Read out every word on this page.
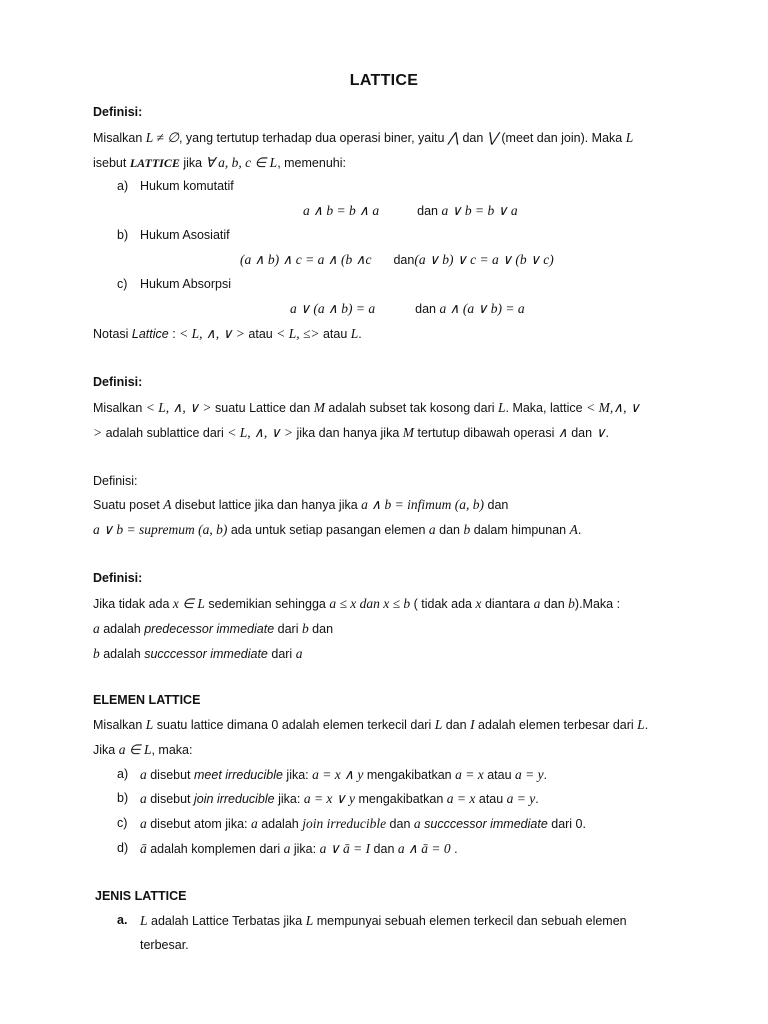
LATTICE
Definisi:
Misalkan L ≠ ∅, yang tertutup terhadap dua operasi biner, yaitu ⋀ dan ⋁ (meet dan join). Maka L
isebut LATTICE jika ∀ a, b, c ∈ L, memenuhi:
a) Hukum komutatif
a ∧ b = b ∧ a	dan a ∨ b = b ∨ a
b) Hukum Asosiatif
(a ∧ b) ∧ c = a ∧ (b ∧c dan(a ∨ b) ∨ c = a ∨ (b ∨ c)
c) Hukum Absorpsi
a ∨ (a ∧ b) = a	dan a ∧ (a ∨ b) = a
Notasi Lattice : < L, ∧, ∨ > atau < L, ≤> atau L.
Definisi:
Misalkan < L, ∧, ∨ > suatu Lattice dan M adalah subset tak kosong dari L. Maka, lattice < M,∧, ∨
> adalah sublattice dari < L, ∧, ∨ > jika dan hanya jika M tertutup dibawah operasi ∧ dan ∨.
Definisi:
Suatu poset A disebut lattice jika dan hanya jika a ∧ b = infimum (a, b) dan
a ∨ b = supremum (a, b) ada untuk setiap pasangan elemen a dan b dalam himpunan A.
Definisi:
Jika tidak ada x ∈ L sedemikian sehingga a ≤ x dan x ≤ b ( tidak ada x diantara a dan b).Maka :
a adalah predecessor immediate dari b dan
b adalah succcessor immediate dari a
ELEMEN LATTICE
Misalkan L suatu lattice dimana 0 adalah elemen terkecil dari L dan I adalah elemen terbesar dari L.
Jika a ∈ L, maka:
a) a disebut meet irreducible jika: a = x ∧ y mengakibatkan a = x atau a = y.
b) a disebut join irreducible jika: a = x ∨ y mengakibatkan a = x atau a = y.
c) a disebut atom jika: a adalah join irreducible dan a succcessor immediate dari 0.
d) ā adalah komplemen dari a jika: a ∨ ā = I dan a ∧ ā = 0 .
JENIS LATTICE
a. L adalah Lattice Terbatas jika L mempunyai sebuah elemen terkecil dan sebuah elemen
terbesar.
